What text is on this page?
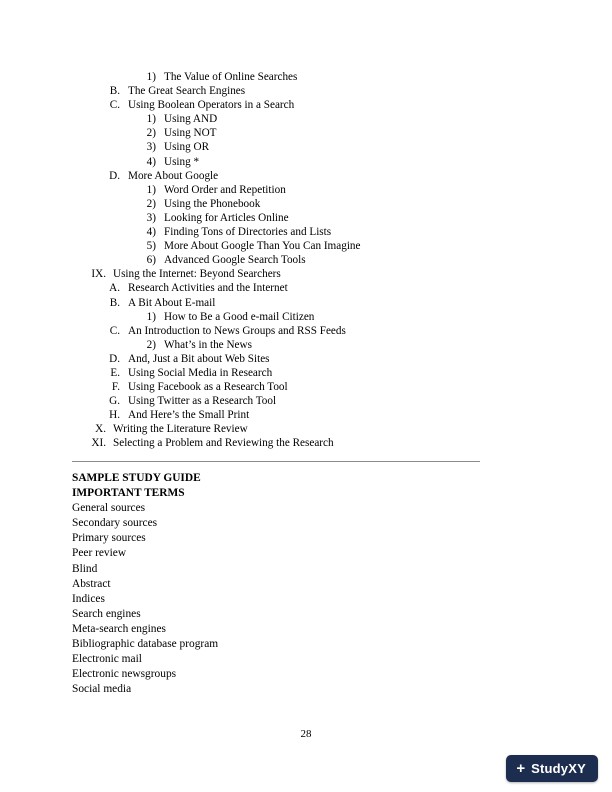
1) The Value of Online Searches
B. The Great Search Engines
C. Using Boolean Operators in a Search
1) Using AND
2) Using NOT
3) Using OR
4) Using *
D. More About Google
1) Word Order and Repetition
2) Using the Phonebook
3) Looking for Articles Online
4) Finding Tons of Directories and Lists
5) More About Google Than You Can Imagine
6) Advanced Google Search Tools
IX. Using the Internet: Beyond Searchers
A. Research Activities and the Internet
B. A Bit About E-mail
1) How to Be a Good e-mail Citizen
C. An Introduction to News Groups and RSS Feeds
2) What’s in the News
D. And, Just a Bit about Web Sites
E. Using Social Media in Research
F. Using Facebook as a Research Tool
G. Using Twitter as a Research Tool
H. And Here’s the Small Print
X. Writing the Literature Review
XI. Selecting a Problem and Reviewing the Research
SAMPLE STUDY GUIDE
IMPORTANT TERMS
General sources
Secondary sources
Primary sources
Peer review
Blind
Abstract
Indices
Search engines
Meta-search engines
Bibliographic database program
Electronic mail
Electronic newsgroups
Social media
28
+ StudyXY
